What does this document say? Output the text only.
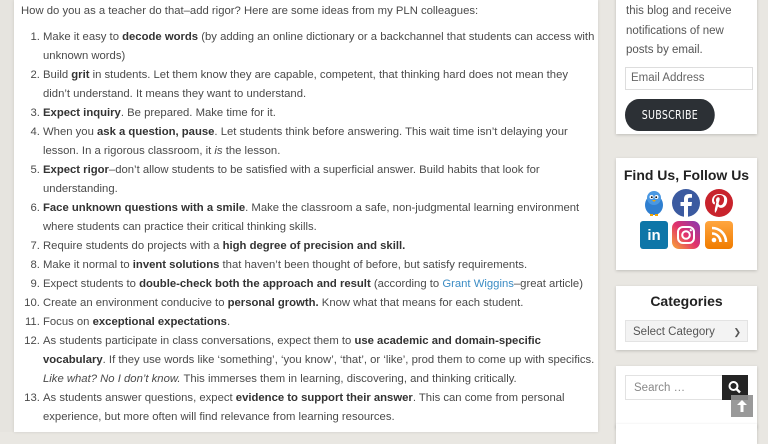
How do you as a teacher do that–add rigor? Here are some ideas from my PLN colleagues:

1. Make it easy to decode words (by adding an online dictionary or a backchannel that students can access with unknown words)
2. Build grit in students. Let them know they are capable, competent, that thinking hard does not mean they didn’t understand. It means they want to understand.
3. Expect inquiry. Be prepared. Make time for it.
4. When you ask a question, pause. Let students think before answering. This wait time isn’t delaying your lesson. In a rigorous classroom, it is the lesson.
5. Expect rigor–don’t allow students to be satisfied with a superficial answer. Build habits that look for understanding.
6. Face unknown questions with a smile. Make the classroom a safe, non-judgmental learning environment where students can practice their critical thinking skills.
7. Require students do projects with a high degree of precision and skill.
8. Make it normal to invent solutions that haven’t been thought of before, but satisfy requirements.
9. Expect students to double-check both the approach and result (according to Grant Wiggins–great article)
10. Create an environment conducive to personal growth. Know what that means for each student.
11. Focus on exceptional expectations.
12. As students participate in class conversations, expect them to use academic and domain-specific vocabulary. If they use words like ‘something’, ‘you know’, ‘that’, or ‘like’, prod them to come up with specifics. Like what? No I don’t know. This immerses them in learning, discovering, and thinking critically.
13. As students answer questions, expect evidence to support their answer. This can come from personal experience, but more often will find relevance from learning resources.
this blog and receive notifications of new posts by email.
Email Address
SUBSCRIBE
Find Us, Follow Us
in
Categories
Select Category ❯
Search …
